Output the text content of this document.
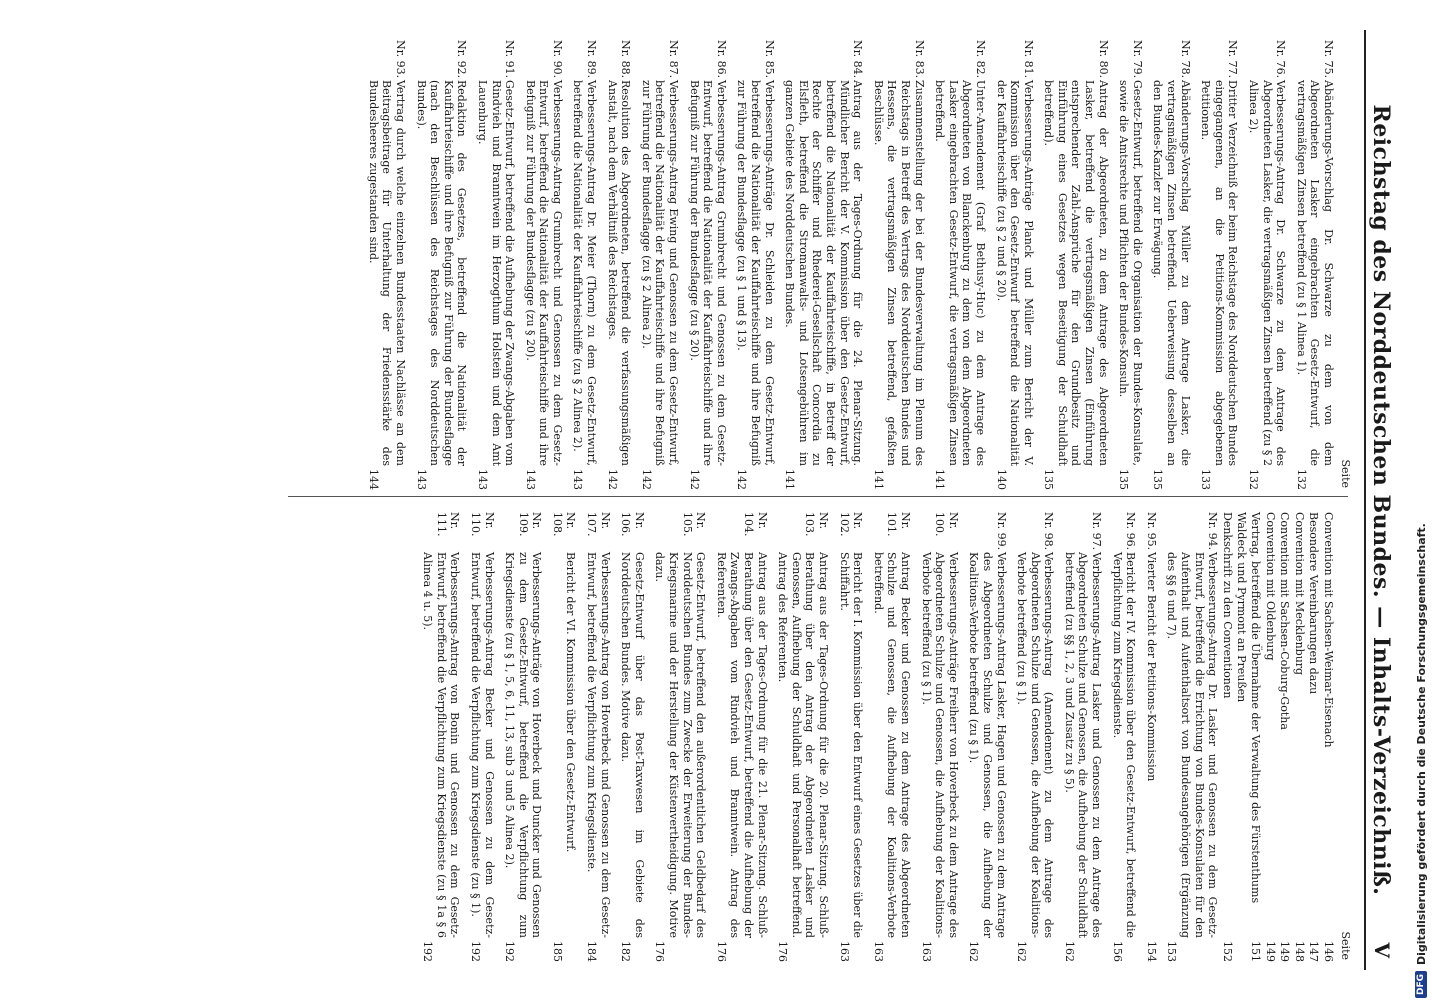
Reichstag des Norddeutschen Bundes. — Inhalts-Verzeichniß.
V
Seite
Nr. 75.
Abänderungs-Vorschlag Dr. Schwarze zu dem von dem Abgeordneten Lasker eingebrachten Gesetz-Entwurf, die vertragsmäßigen Zinsen betreffend (zu § 1 Alinea 1).
132
Nr. 76.
Verbesserungs-Antrag Dr. Schwarze zu dem Antrage des Abgeordneten Lasker, die vertragsmäßigen Zinsen betreffend (zu § 2 Alinea 2).
132
Nr. 77.
Dritter Verzeichniß der beim Reichstage des Norddeutschen Bundes eingegangenen, an die Petitions-Kommission abgegebenen Petitionen.
133
Nr. 78.
Abänderungs-Vorschlag Müller zu dem Antrage Lasker, die vertragsmäßigen Zinsen betreffend. Ueberweisung desselben an den Bundes-Kanzler zur Erwägung.
135
Nr. 79.
Gesetz-Entwurf, betreffend die Organisation der Bundes-Konsulate, sowie die Amtsrechte und Pflichten der Bundes-Konsuln.
135
Nr. 80.
Antrag der Abgeordneten, zu dem Antrage des Abgeordneten Lasker, betreffend die vertragsmäßigen Zinsen (Einführung entsprechender Zahl-Ansprüche für den Grundbesitz und Einführung eines Gesetzes wegen Beseitigung der Schuldhaft betreffend).
135
Nr. 81.
Verbesserungs-Anträge Planck und Müller zum Bericht der V. Kommission über den Gesetz-Entwurf betreffend die Nationalität der Kauffahrteischiffe (zu § 2 und § 20).
140
Nr. 82.
Unter-Amendement (Graf Bethusy-Huc) zu dem Antrage des Abgeordneten von Blanckenburg zu dem von dem Abgeordneten Lasker eingebrachten Gesetz-Entwurf, die vertragsmäßigen Zinsen betreffend.
141
Nr. 83.
Zusammenstellung der bei der Bundesverwaltung im Plenum des Reichstags in Betreff des Vertrags des Norddeutschen Bundes und Hessens, die vertragsmäßigen Zinsen betreffend, gefaßten Beschlüsse.
141
Nr. 84.
Antrag aus der Tages-Ordnung für die 24. Plenar-Sitzung. Mündlicher Bericht der V. Kommission über den Gesetz-Entwurf, betreffend die Nationalität der Kauffahrteischiffe, in Betreff der Rechte der Schiffer und Rhederei-Gesellschaft Concordia zu Elsfleth, betreffend die Stromanwalts- und Lotsengebühren im ganzen Gebiete des Norddeutschen Bundes.
141
Nr. 85.
Verbesserungs-Anträge Dr. Schleiden zu dem Gesetz-Entwurf, betreffend die Nationalität der Kauffahrteischiffe und ihre Befugniß zur Führung der Bundesflagge (zu § 1 und § 13).
142
Nr. 86.
Verbesserungs-Antrag Grumbrecht und Genossen zu dem Gesetz-Entwurf, betreffend die Nationalität der Kauffahrteischiffe und ihre Befugniß zur Führung der Bundesflagge (zu § 20).
142
Nr. 87.
Verbesserungs-Antrag Ewing und Genossen zu dem Gesetz-Entwurf, betreffend die Nationalität der Kauffahrteischiffe und ihre Befugniß zur Führung der Bundesflagge (zu § 2 Alinea 2).
142
Nr. 88.
Resolution des Abgeordneten, betreffend die verfassungsmäßigen Anstalt, nach dem Verhältniß des Reichstages.
142
Nr. 89.
Verbesserungs-Antrag Dr. Meier (Thorn) zu dem Gesetz-Entwurf, betreffend die Nationalität der Kauffahrteischiffe (zu § 2 Alinea 2).
143
Nr. 90.
Verbesserungs-Antrag Grumbrecht und Genossen zu dem Gesetz-Entwurf, betreffend die Nationalität der Kauffahrteischiffe und ihre Befugniß zur Führung der Bundesflagge (zu § 20).
143
Nr. 91.
Gesetz-Entwurf, betreffend die Aufhebung der Zwangs-Abgaben vom Rindvieh und Branntwein im Herzogthum Holstein und dem Amt Lauenburg.
143
Nr. 92.
Redaktion des Gesetzes, betreffend die Nationalität der Kauffahrteischiffe und ihre Befugniß zur Führung der Bundesflagge (nach den Beschlüssen des Reichstages des Norddeutschen Bundes).
143
Nr. 93.
Vertrag durch welche einzelnen Bundesstaaten Nachlässe an dem Beitragsbeitrage für Unterhaltung der Friedensstärke des Bundesheeres zugestanden sind.
144
Seite
Convention mit Sachsen-Weimar-Eisenach
146
Besondere Vereinbarungen dazu
147
Convention mit Mecklenburg
148
Convention mit Sachsen-Coburg-Gotha
149
Convention mit Oldenburg
149
Vertrag, betreffend die Übernahme der Verwaltung des Fürstenthums Waldeck und Pyrmont an Preußen
151
Denkschrift zu den Conventionen
152
Nr. 94.
Verbesserungs-Antrag Dr. Lasker und Genossen zu dem Gesetz-Entwurf, betreffend die Errichtung von Bundes-Konsulaten für den Aufenthalt und Aufenthaltsort von Bundesangehörigen (Ergänzung des §§ 6 und 7).
153
Nr. 95.
Vierter Bericht der Petitions-Kommission
154
Nr. 96.
Bericht der IV. Kommission über den Gesetz-Entwurf, betreffend die Verpflichtung zum Kriegsdienste.
156
Nr. 97.
Verbesserungs-Antrag Lasker und Genossen zu dem Antrage des Abgeordneten Schulze und Genossen, die Aufhebung der Schuldhaft betreffend (zu §§ 1, 2, 3 und Zusatz zu § 5).
162
Nr. 98.
Verbesserungs-Antrag (Amendement) zu dem Antrage des Abgeordneten Schulze und Genossen, die Aufhebung der Koalitions-Verbote betreffend (zu § 1).
162
Nr. 99.
Verbesserungs-Antrag Lasker, Hagen und Genossen zu dem Antrage des Abgeordneten Schulze und Genossen, die Aufhebung der Koalitions-Verbote betreffend (zu § 1).
162
Nr. 100.
Verbesserungs-Anträge Freiherr von Hoverbeck zu dem Antrage des Abgeordneten Schulze und Genossen, die Aufhebung der Koalitions-Verbote betreffend (zu § 1).
163
Nr. 101.
Antrag Becker und Genossen zu dem Antrage des Abgeordneten Schulze und Genossen, die Aufhebung der Koalitions-Verbote betreffend.
163
Nr. 102.
Bericht der I. Kommission über den Entwurf eines Gesetzes über die Schiffahrt.
163
Nr. 103.
Antrag aus der Tages-Ordnung für die 20. Plenar-Sitzung. Schluß-Berathung über den Antrag der Abgeordneten Lasker und Genossen, Aufhebung der Schuldhaft und Personalhaft betreffend. Antrag des Referenten.
176
Nr. 104.
Antrag aus der Tages-Ordnung für die 21. Plenar-Sitzung. Schluß-Berathung über den Gesetz-Entwurf, betreffend die Aufhebung der Zwangs-Abgaben vom Rindvieh und Branntwein. Antrag des Referenten.
176
Nr. 105.
Gesetz-Entwurf, betreffend den außerordentlichen Geldbedarf des Norddeutschen Bundes zum Zwecke der Erweiterung der Bundes-Kriegsmarine und der Herstellung der Küstenvertheidigung. Motive dazu.
176
Nr. 106.
Gesetz-Entwurf über das Post-Taxwesen im Gebiete des Norddeutschen Bundes. Motive dazu.
182
Nr. 107.
Verbesserungs-Antrag von Hoverbeck und Genossen zu dem Gesetz-Entwurf, betreffend die Verpflichtung zum Kriegsdienste.
184
Nr. 108.
Bericht der VI. Kommission über den Gesetz-Entwurf.
185
Nr. 109.
Verbesserungs-Anträge von Hoverbeck und Duncker und Genossen zu dem Gesetz-Entwurf, betreffend die Verpflichtung zum Kriegsdienste (zu § 1, 5, 6, 11, 13, sub 3 und 5 Alinea 2).
192
Nr. 110.
Verbesserungs-Antrag Becker und Genossen zu dem Gesetz-Entwurf, betreffend die Verpflichtung zum Kriegsdienste (zu § 1).
192
Nr. 111.
Verbesserungs-Antrag von Bonin und Genossen zu dem Gesetz-Entwurf, betreffend die Verpflichtung zum Kriegsdienste (zu § 1a § 6 Alinea 4 u. 5).
192
DFG
Digitalisierung gefördert durch die Deutsche Forschungsgemeinschaft.
